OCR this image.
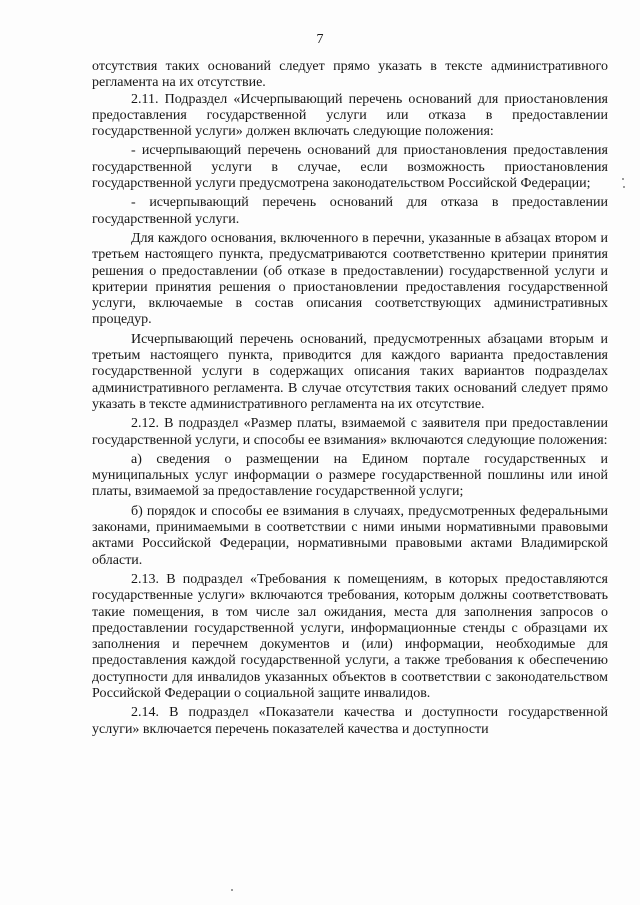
7

отсутствия таких оснований следует прямо указать в тексте административного регламента на их отсутствие.

2.11. Подраздел «Исчерпывающий перечень оснований для приостановления предоставления государственной услуги или отказа в предоставлении государственной услуги» должен включать следующие положения:

- исчерпывающий перечень оснований для приостановления предоставления государственной услуги в случае, если возможность приостановления государственной услуги предусмотрена законодательством Российской Федерации;

- исчерпывающий перечень оснований для отказа в предоставлении государственной услуги.

Для каждого основания, включенного в перечни, указанные в абзацах втором и третьем настоящего пункта, предусматриваются соответственно критерии принятия решения о предоставлении (об отказе в предоставлении) государственной услуги и критерии принятия решения о приостановлении предоставления государственной услуги, включаемые в состав описания соответствующих административных процедур.

Исчерпывающий перечень оснований, предусмотренных абзацами вторым и третьим настоящего пункта, приводится для каждого варианта предоставления государственной услуги в содержащих описания таких вариантов подразделах административного регламента. В случае отсутствия таких оснований следует прямо указать в тексте административного регламента на их отсутствие.

2.12. В подраздел «Размер платы, взимаемой с заявителя при предоставлении государственной услуги, и способы ее взимания» включаются следующие положения:

а) сведения о размещении на Едином портале государственных и муниципальных услуг информации о размере государственной пошлины или иной платы, взимаемой за предоставление государственной услуги;

б) порядок и способы ее взимания в случаях, предусмотренных федеральными законами, принимаемыми в соответствии с ними иными нормативными правовыми актами Российской Федерации, нормативными правовыми актами Владимирской области.

2.13. В подраздел «Требования к помещениям, в которых предоставляются государственные услуги» включаются требования, которым должны соответствовать такие помещения, в том числе зал ожидания, места для заполнения запросов о предоставлении государственной услуги, информационные стенды с образцами их заполнения и перечнем документов и (или) информации, необходимые для предоставления каждой государственной услуги, а также требования к обеспечению доступности для инвалидов указанных объектов в соответствии с законодательством Российской Федерации о социальной защите инвалидов.

2.14. В подраздел «Показатели качества и доступности государственной услуги» включается перечень показателей качества и доступности
